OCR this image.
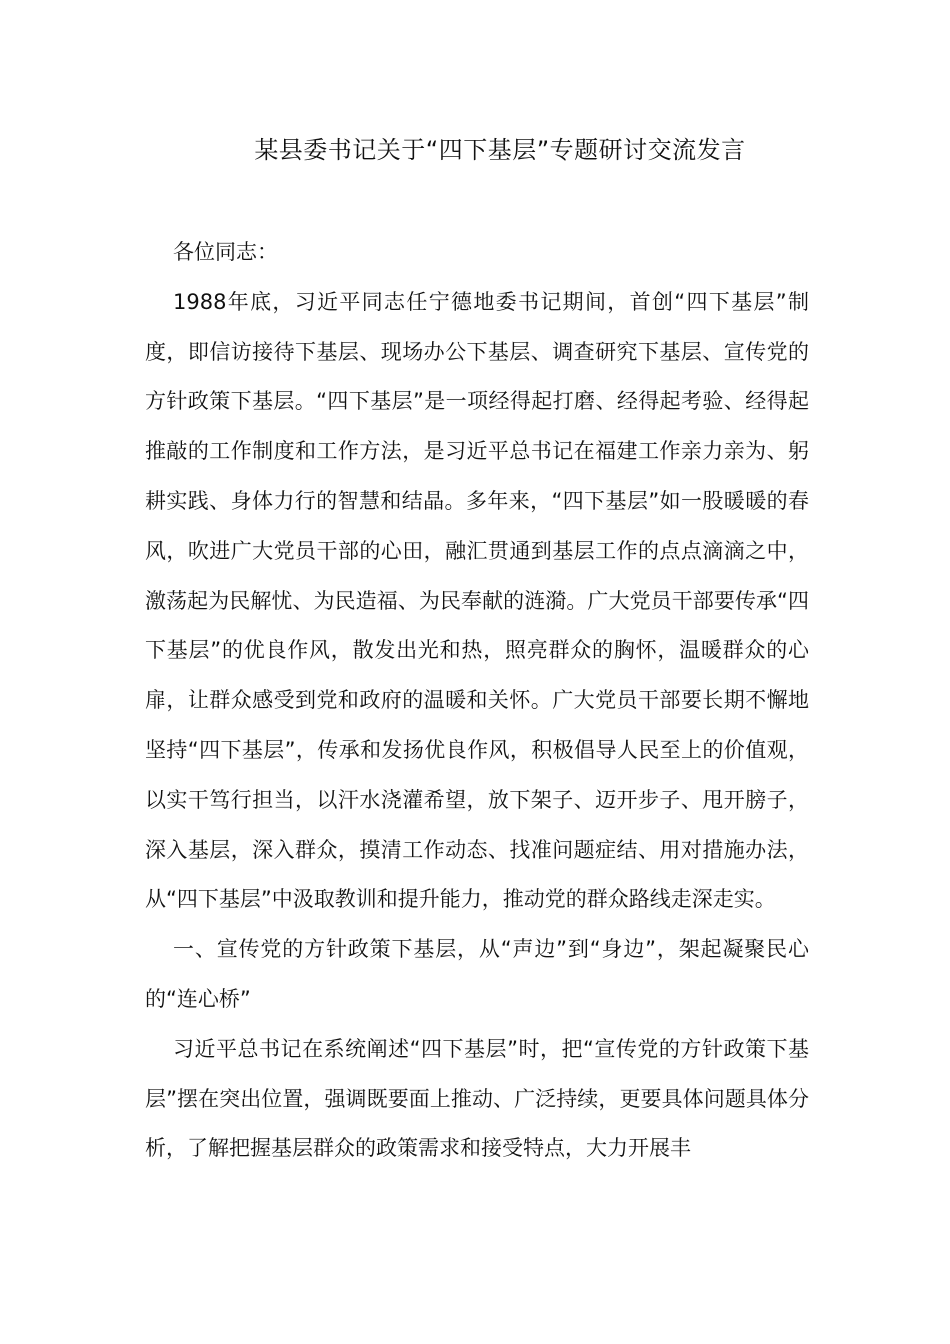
某县委书记关于“四下基层”专题研讨交流发言

各位同志：

1988年底，习近平同志任宁德地委书记期间，首创“四下基层”制度，即信访接待下基层、现场办公下基层、调查研究下基层、宣传党的方针政策下基层。“四下基层”是一项经得起打磨、经得起考验、经得起推敲的工作制度和工作方法，是习近平总书记在福建工作亲力亲为、躬耕实践、身体力行的智慧和结晶。多年来，“四下基层”如一股暖暖的春风，吹进广大党员干部的心田，融汇贯通到基层工作的点点滴滴之中，激荡起为民解忧、为民造福、为民奉献的涟漪。广大党员干部要传承“四下基层”的优良作风，散发出光和热，照亮群众的胸怀，温暖群众的心扉，让群众感受到党和政府的温暖和关怀。广大党员干部要长期不懈地坚持“四下基层”，传承和发扬优良作风，积极倡导人民至上的价值观，以实干笃行担当，以汗水浇灌希望，放下架子、迈开步子、甩开膀子，深入基层，深入群众，摸清工作动态、找准问题症结、用对措施办法，从“四下基层”中汲取教训和提升能力，推动党的群众路线走深走实。

一、宣传党的方针政策下基层，从“声边”到“身边”，架起凝聚民心的“连心桥”

习近平总书记在系统阐述“四下基层”时，把“宣传党的方针政策下基层”摆在突出位置，强调既要面上推动、广泛持续，更要具体问题具体分析，了解把握基层群众的政策需求和接受特点，大力开展丰
